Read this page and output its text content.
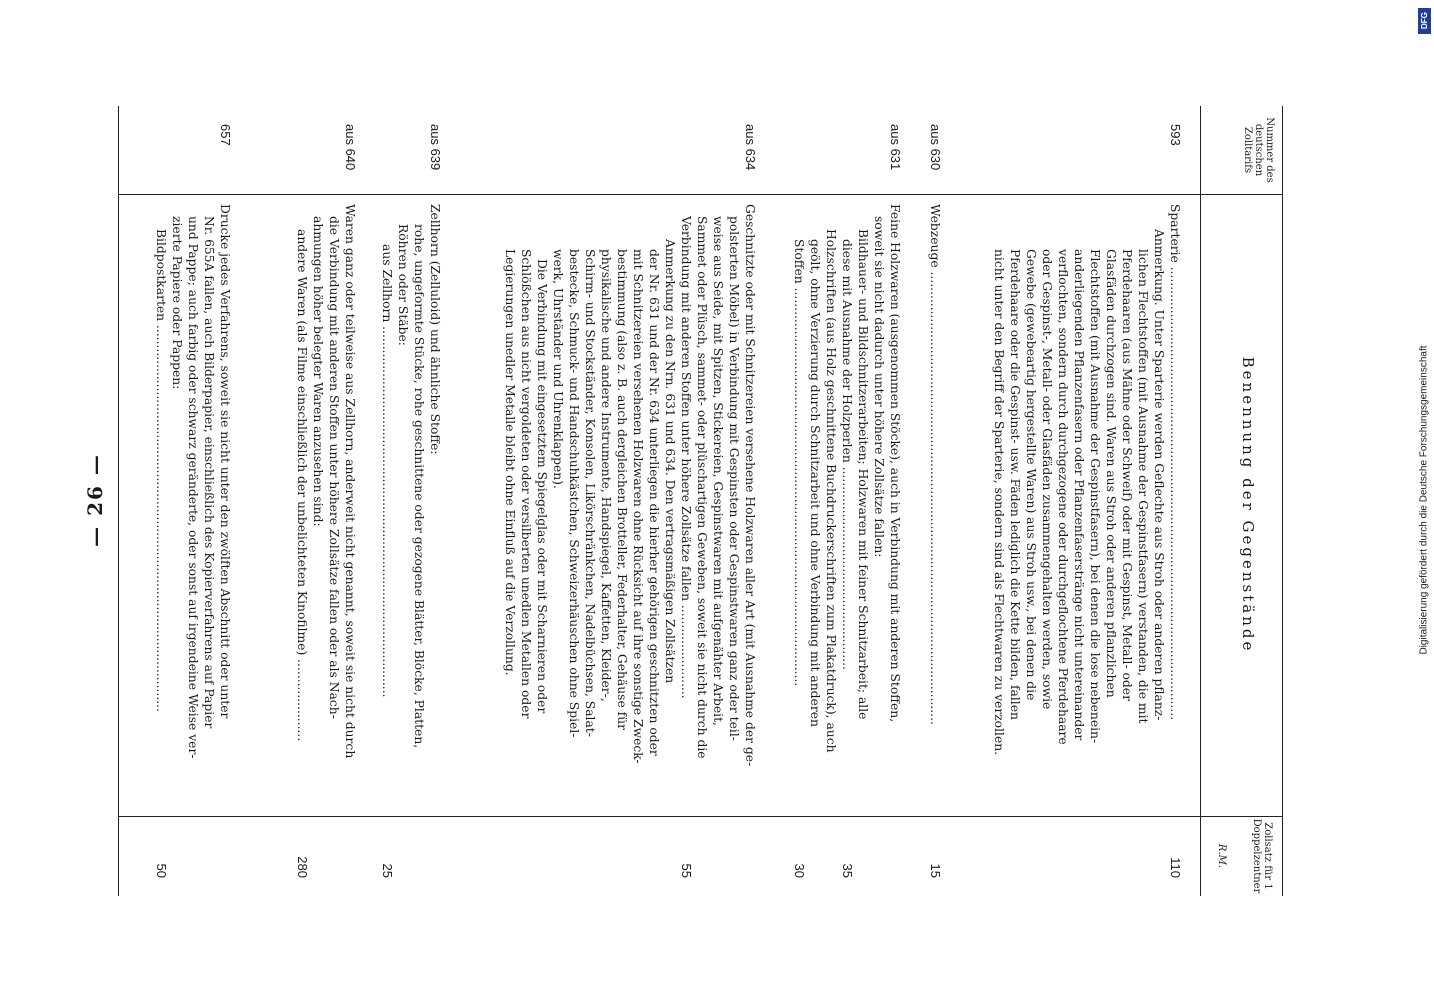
— 26 —
Nummer des deutschen Zolltarifs
Benennung der Gegenstände
Zollsatz für 1 Doppelzentner
R.M.
593
Sparterie ....................................................................................................................
Anmerkung. Unter Sparterie werden Geflechte aus Stroh oder anderen pflanz-
lichen Flechtstoffen (mit Ausnahme der Gespinstfasern) verstanden, die mit
Pferdehaaren (aus Mähne oder Schweif) oder mit Gespinst, Metall- oder
Glasfäden durchzogen sind. Waren aus Stroh oder anderen pflanzlichen
Flechtstoffen (mit Ausnahme der Gespinstfasern), bei denen die lose nebenein-
anderliegenden Pflanzenfasern oder Pflanzenfaserstränge nicht untereinander
verflochten, sondern durch durchgezogene oder durchgeflochtene Pferdehaare
oder Gespinst-, Metall- oder Glasfäden zusammengehalten werden, sowie
Gewebe (gewebeartig hergestellte Waren) aus Stroh usw., bei denen die
Pferdehaare oder die Gespinst- usw. Fäden lediglich die Kette bilden, fallen
nicht unter den Begriff der Sparterie, sondern sind als Flechtwaren zu verzollen.
110
aus 630
Webzeuge ....................................................................................................................
15
aus 631
Feine Holzwaren (ausgenommen Stöcke), auch in Verbindung mit anderen Stoffen,
soweit sie nicht dadurch unter höhere Zollsätze fallen:
Bildhauer- und Bildschnitzerarbeiten; Holzwaren mit feiner Schnitzarbeit; alle
diese mit Ausnahme der Holzperlen ....................................................
Holzschriften (aus Holz geschnittene Buchdruckerschriften zum Plakatdruck), auch
geölt, ohne Verzierung durch Schnitzarbeit und ohne Verbindung mit anderen
Stoffen ......................................................................................................
35
30
aus 634
Geschnitzte oder mit Schnitzereien versehene Holzwaren aller Art (mit Ausnahme der ge-
polsterten Möbel) in Verbindung mit Gespinsten oder Gespinstwaren ganz oder teil-
weise aus Seide, mit Spitzen, Stickereien, Gespinstwaren mit aufgenähter Arbeit,
Sammet oder Plüsch, sammet- oder plüschartigen Geweben, soweit sie nicht durch die
Verbindung mit anderen Stoffen unter höhere Zollsätze fallen ........................
Anmerkung zu den Nrn. 631 und 634. Den vertragsmäßigen Zollsätzen
der Nr. 631 und der Nr. 634 unterliegen die hierher gehörigen geschnitzten oder
mit Schnitzereien versehenen Holzwaren ohne Rücksicht auf ihre sonstige Zweck-
bestimmung (also z. B. auch dergleichen Brotteller, Federhalter, Gehäuse für
physikalische und andere Instrumente, Handspiegel, Kaffetten, Kleider-,
Schirm- und Stockständer, Konsolen, Likörschränkchen, Nadelbüchsen, Salat-
bestecke, Schmuck- und Handschuhkästchen, Schweizerhäuschen ohne Spiel-
werk, Uhrständer und Uhrenklappen).
Die Verbindung mit eingesetztem Spiegelglas oder mit Scharnieren oder
Schlößchen aus nicht vergoldeten oder versilberten unedlen Metallen oder
Legierungen unedler Metalle bleibt ohne Einfluß auf die Verzollung.
55
aus 639
Zellhorn (Zelluloid) und ähnliche Stoffe:
rohe, ungeformte Stücke, rohe geschnittene oder gezogene Blätter, Blöcke, Platten,
Röhren oder Stäbe:
aus Zellhorn ...............................................................................................
25
aus 640
Waren ganz oder teilweise aus Zellhorn, anderweit nicht genannt, soweit sie nicht durch
die Verbindung mit anderen Stoffen unter höhere Zollsätze fallen oder als Nach-
ahmungen höher belegter Waren anzusehen sind:
andere Waren (als Filme einschließlich der unbelichteten Kinofilme) .....................
280
657
Drucke jedes Verfahrens, soweit sie nicht unter den zwölften Abschnitt oder unter
Nr. 655A fallen, auch Bilderpapier, einschließlich des Kopierverfahrens auf Papier
und Pappe; auch farbig oder schwarz geränderte, oder sonst auf irgendeine Weise ver-
zierte Papiere oder Pappen:
Bildpostkarten ...................................................................................................
50
Digitalisierung gefördert durch die Deutsche Forschungsgemeinschaft
DFG
